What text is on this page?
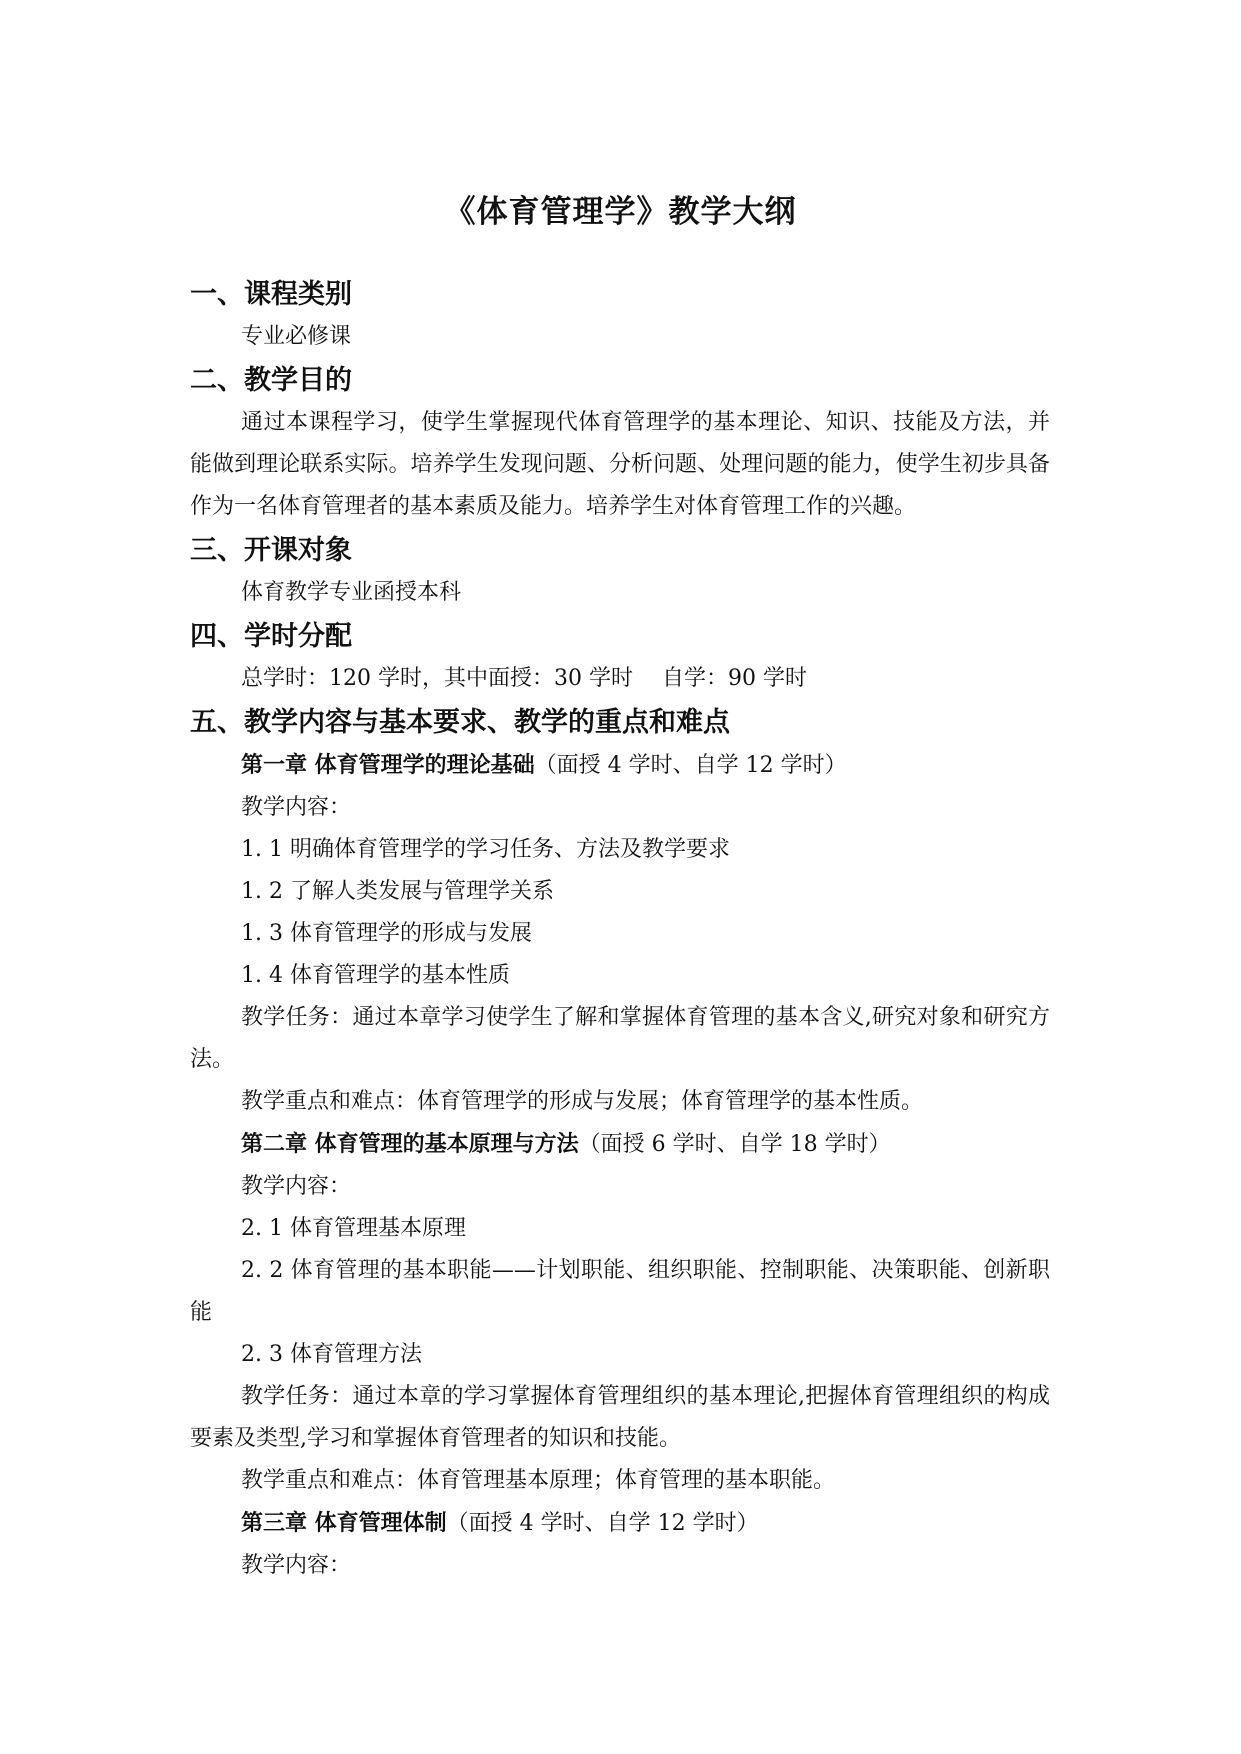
《体育管理学》教学大纲
一、课程类别

专业必修课

二、教学目的

通过本课程学习，使学生掌握现代体育管理学的基本理论、知识、技能及方法，并能做到理论联系实际。培养学生发现问题、分析问题、处理问题的能力，使学生初步具备作为一名体育管理者的基本素质及能力。培养学生对体育管理工作的兴趣。

三、开课对象

体育教学专业函授本科

四、学时分配

总学时：120 学时，其中面授：30 学时　 自学：90 学时

五、教学内容与基本要求、教学的重点和难点

第一章 体育管理学的理论基础（面授 4 学时、自学 12 学时）

教学内容：

1. 1 明确体育管理学的学习任务、方法及教学要求

1. 2 了解人类发展与管理学关系

1. 3 体育管理学的形成与发展

1. 4 体育管理学的基本性质

教学任务：通过本章学习使学生了解和掌握体育管理的基本含义,研究对象和研究方法。

教学重点和难点：体育管理学的形成与发展；体育管理学的基本性质。

第二章 体育管理的基本原理与方法（面授 6 学时、自学 18 学时）

教学内容：

2. 1 体育管理基本原理

2. 2 体育管理的基本职能——计划职能、组织职能、控制职能、决策职能、创新职能

2. 3 体育管理方法

教学任务：通过本章的学习掌握体育管理组织的基本理论,把握体育管理组织的构成要素及类型,学习和掌握体育管理者的知识和技能。

教学重点和难点：体育管理基本原理；体育管理的基本职能。

第三章 体育管理体制（面授 4 学时、自学 12 学时）

教学内容：
